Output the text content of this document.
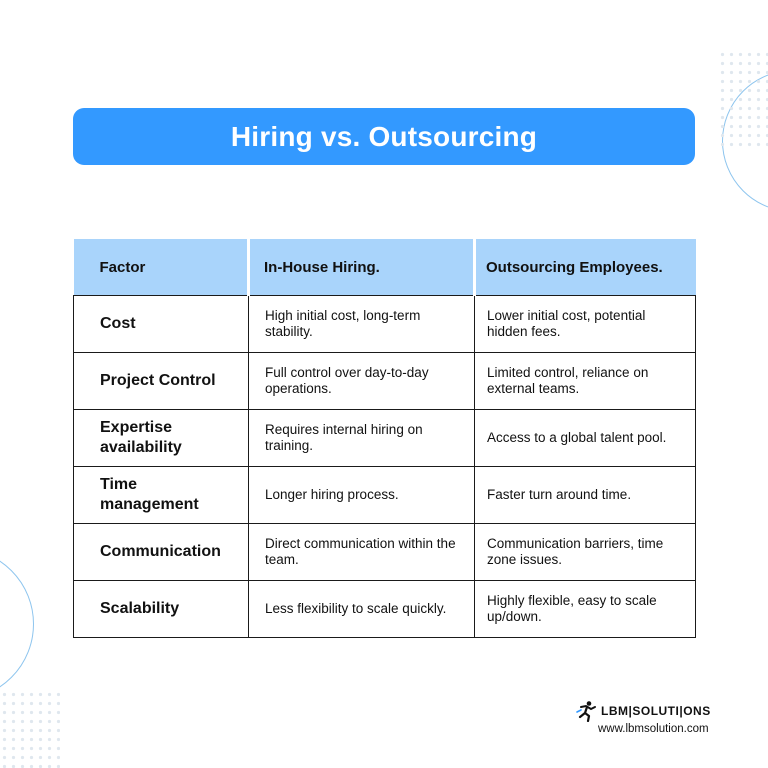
Hiring vs. Outsourcing
Factor	In-House Hiring.	Outsourcing Employees.
Cost	High initial cost, long-term stability.	Lower initial cost, potential hidden fees.
Project Control	Full control over day-to-day operations.	Limited control, reliance on external teams.
Expertise availability	Requires internal hiring on training.	Access to a global talent pool.
Time management	Longer hiring process.	Faster turn around time.
Communication	Direct communication within the team.	Communication barriers, time zone issues.
Scalability	Less flexibility to scale quickly.	Highly flexible, easy to scale up/down.
LBM|SOLUTI|ONS
www.lbmsolution.com
